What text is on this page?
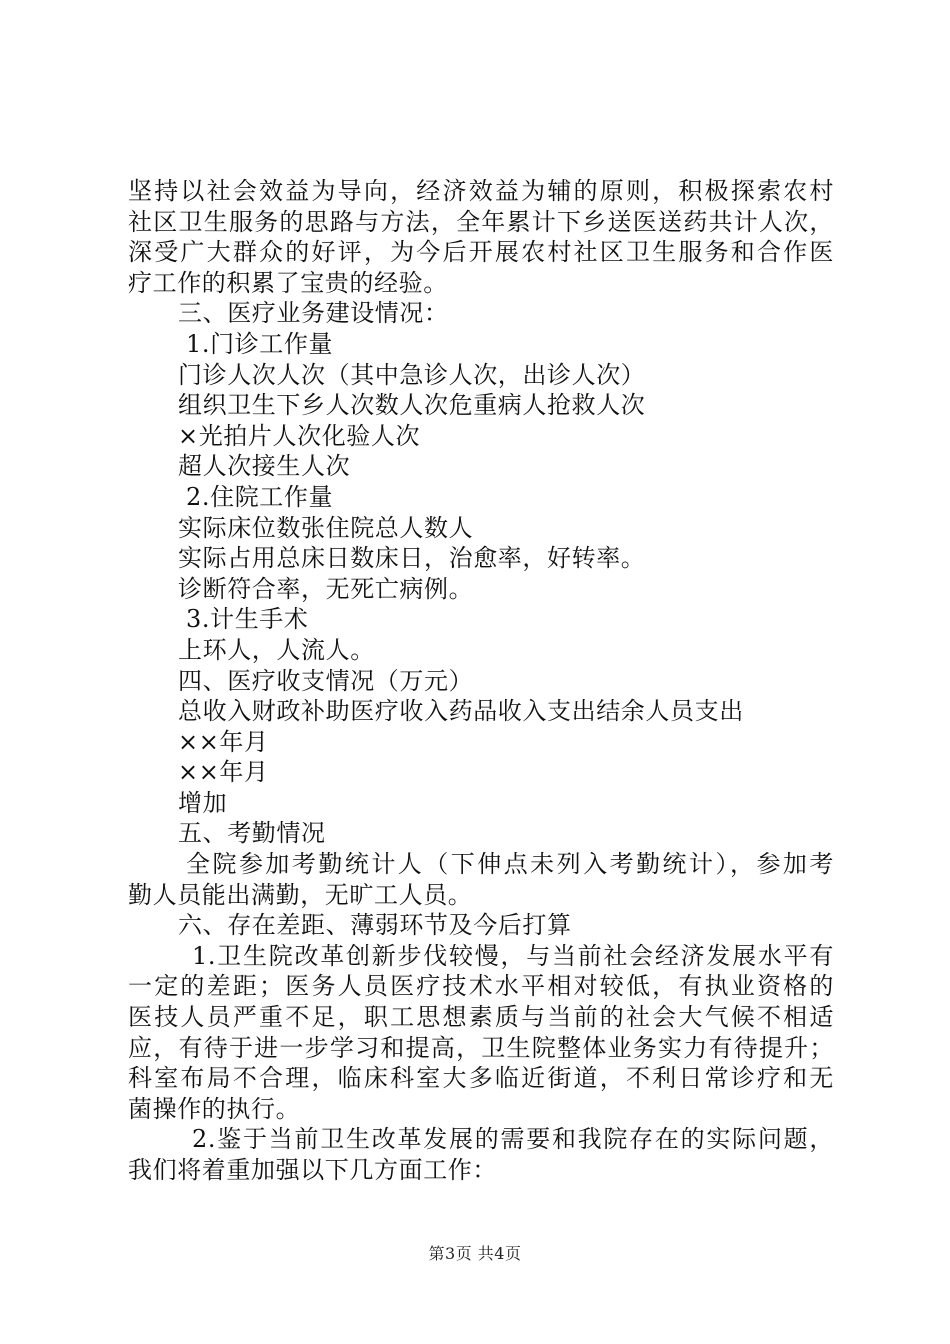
坚持以社会效益为导向，经济效益为辅的原则，积极探索农村
社区卫生服务的思路与方法，全年累计下乡送医送药共计人次，
深受广大群众的好评，为今后开展农村社区卫生服务和合作医
疗工作的积累了宝贵的经验。
三、医疗业务建设情况：
1.门诊工作量
门诊人次人次（其中急诊人次，出诊人次）
组织卫生下乡人次数人次危重病人抢救人次
×光拍片人次化验人次
超人次接生人次
2.住院工作量
实际床位数张住院总人数人
实际占用总床日数床日，治愈率，好转率。
诊断符合率，无死亡病例。
3.计生手术
上环人，人流人。
四、医疗收支情况（万元）
总收入财政补助医疗收入药品收入支出结余人员支出
××年月
××年月
增加
五、考勤情况
全院参加考勤统计人（下伸点未列入考勤统计），参加考
勤人员能出满勤，无旷工人员。
六、存在差距、薄弱环节及今后打算
1.卫生院改革创新步伐较慢，与当前社会经济发展水平有
一定的差距；医务人员医疗技术水平相对较低，有执业资格的
医技人员严重不足，职工思想素质与当前的社会大气候不相适
应，有待于进一步学习和提高，卫生院整体业务实力有待提升；
科室布局不合理，临床科室大多临近街道，不利日常诊疗和无
菌操作的执行。
2.鉴于当前卫生改革发展的需要和我院存在的实际问题，
我们将着重加强以下几方面工作：
第3页 共4页
